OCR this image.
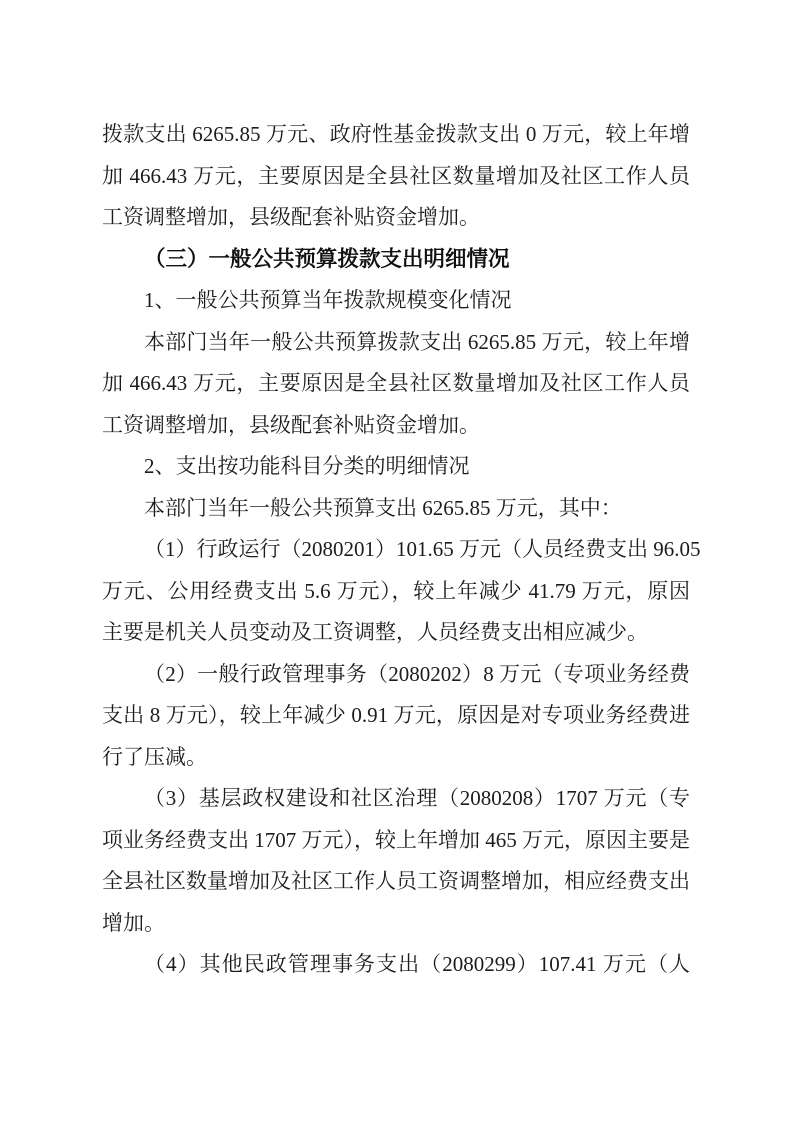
拨款支出 6265.85 万元、政府性基金拨款支出 0 万元，较上年增
加 466.43 万元，主要原因是全县社区数量增加及社区工作人员
工资调整增加，县级配套补贴资金增加。
（三）一般公共预算拨款支出明细情况
1、一般公共预算当年拨款规模变化情况
本部门当年一般公共预算拨款支出 6265.85 万元，较上年增
加 466.43 万元，主要原因是全县社区数量增加及社区工作人员
工资调整增加，县级配套补贴资金增加。
2、支出按功能科目分类的明细情况
本部门当年一般公共预算支出 6265.85 万元，其中：
（1）行政运行（2080201）101.65 万元（人员经费支出 96.05
万元、公用经费支出 5.6 万元），较上年减少 41.79 万元，原因
主要是机关人员变动及工资调整，人员经费支出相应减少。
（2）一般行政管理事务（2080202）8 万元（专项业务经费
支出 8 万元），较上年减少 0.91 万元，原因是对专项业务经费进
行了压减。
（3）基层政权建设和社区治理（2080208）1707 万元（专
项业务经费支出 1707 万元），较上年增加 465 万元，原因主要是
全县社区数量增加及社区工作人员工资调整增加，相应经费支出
增加。
（4）其他民政管理事务支出（2080299）107.41 万元（人
